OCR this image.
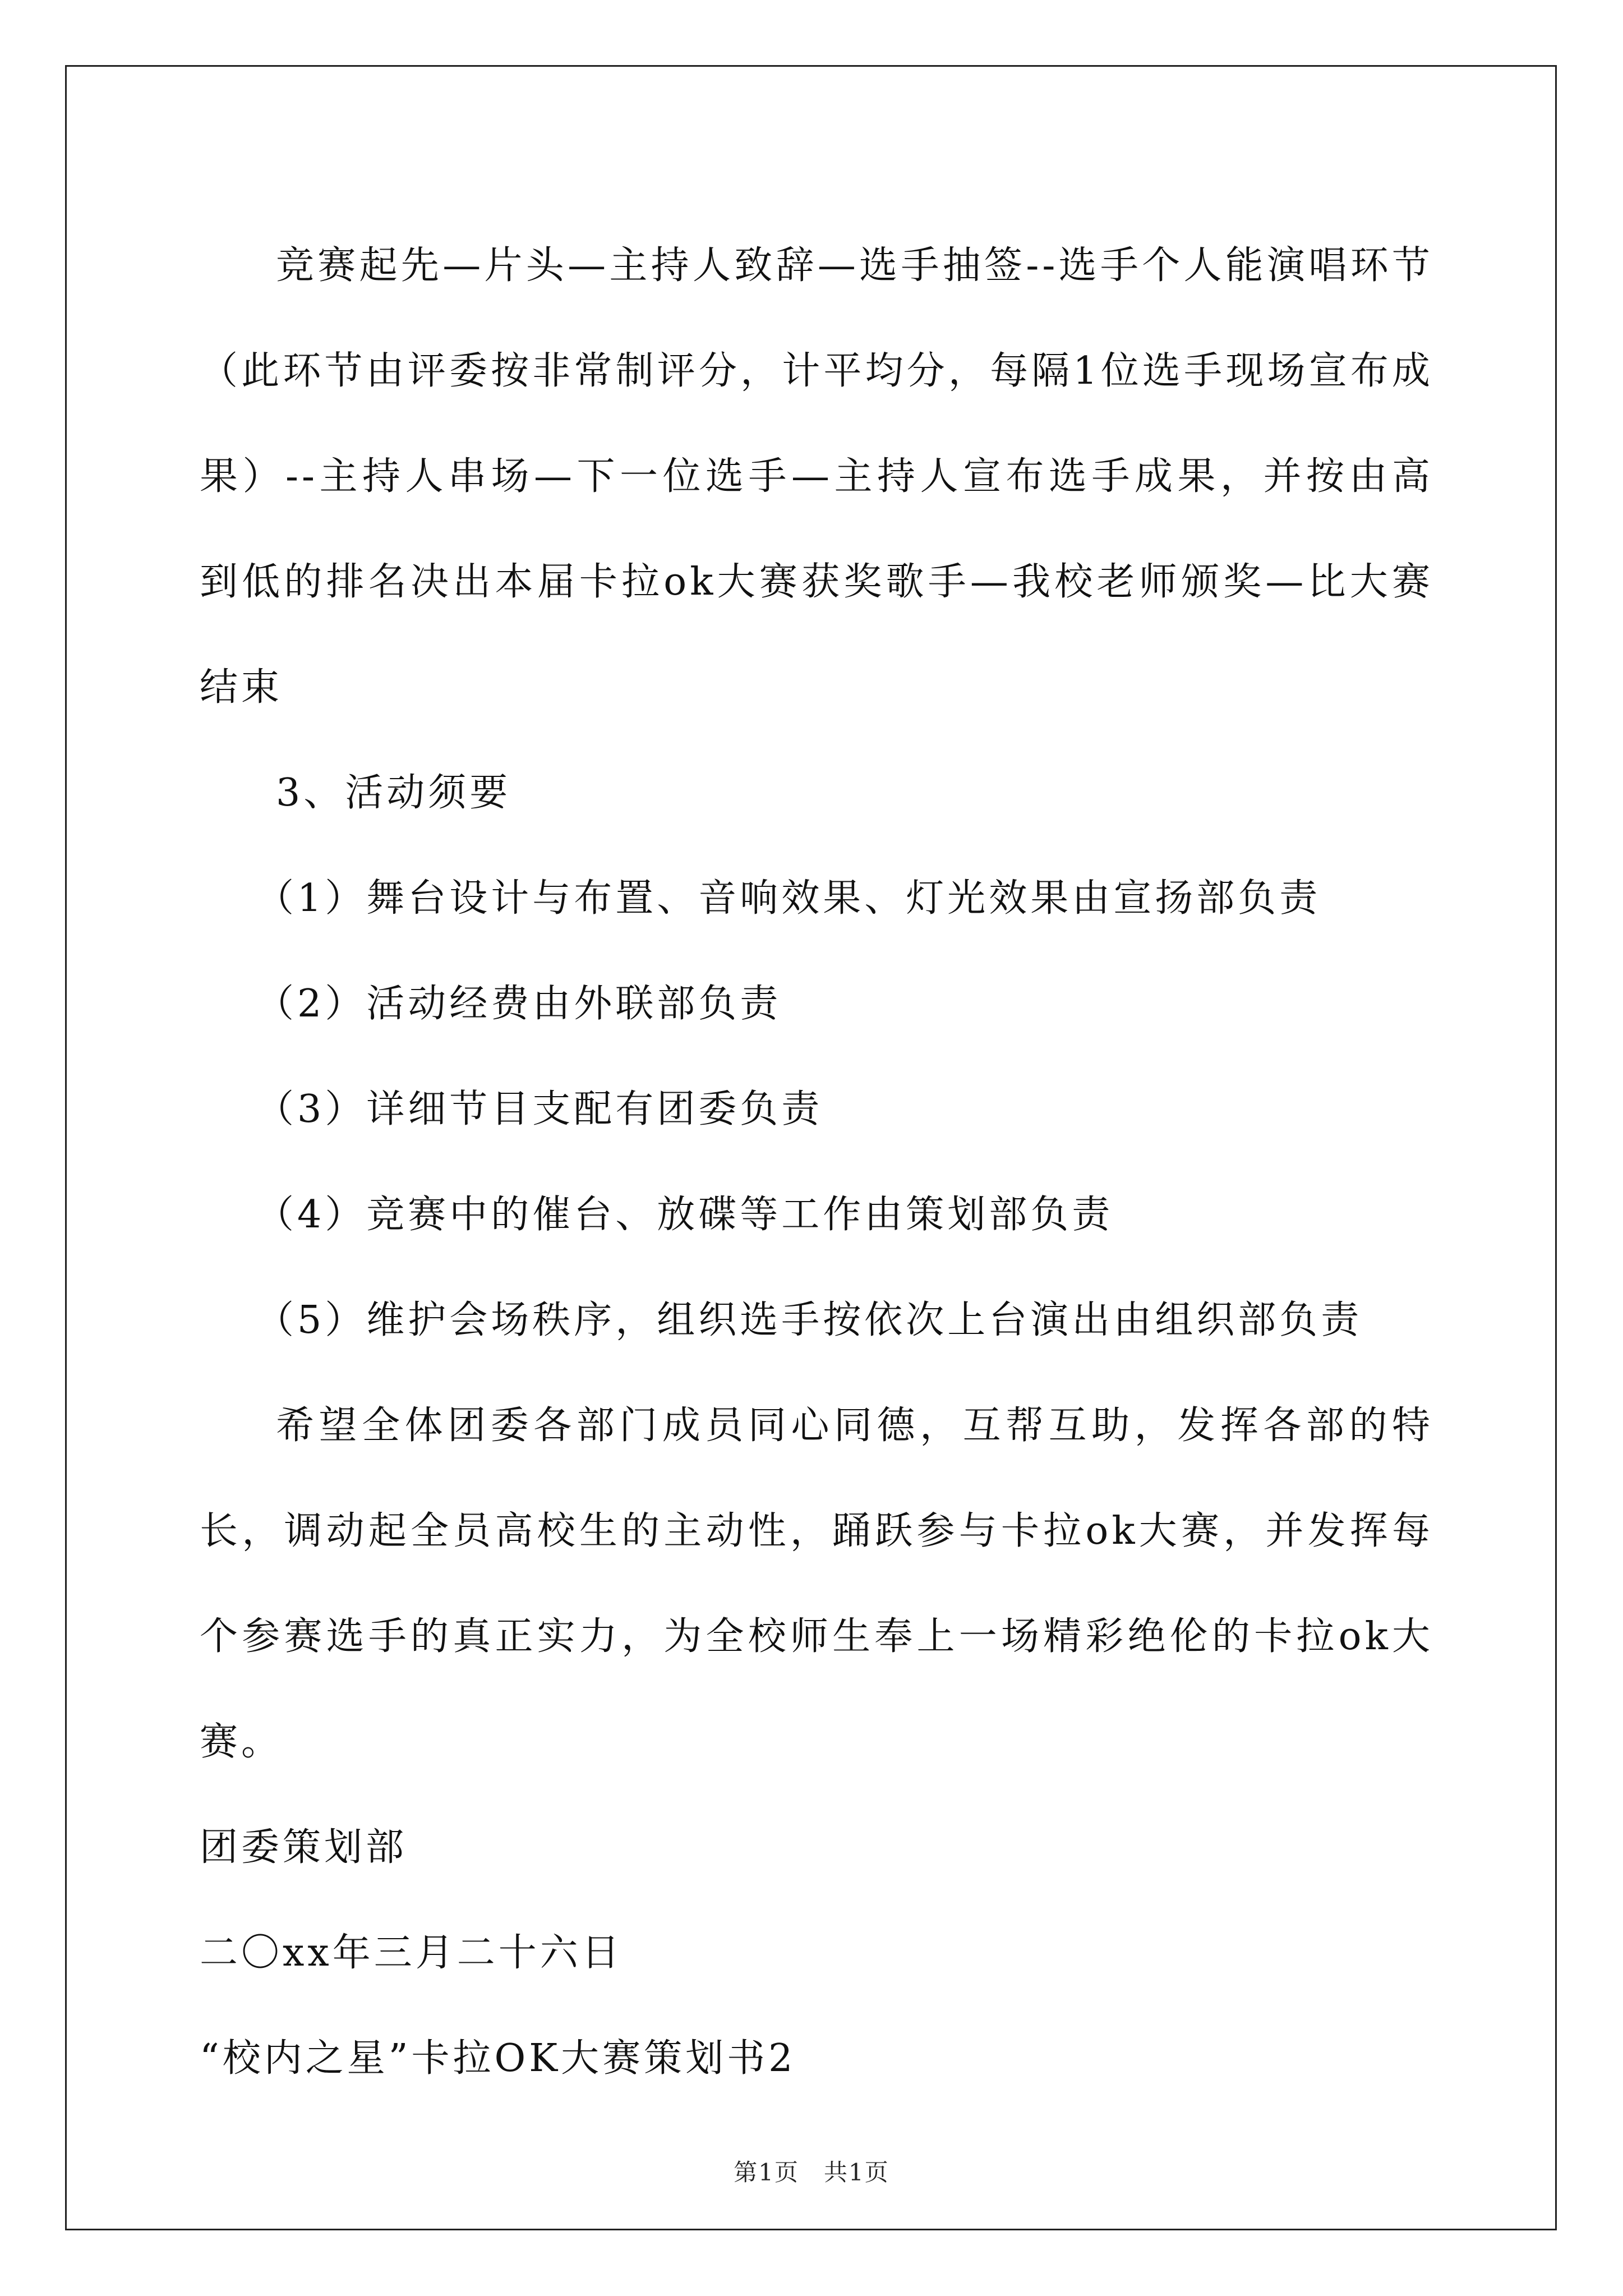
竞赛起先—片头—主持人致辞—选手抽签--选手个人能演唱环节（此环节由评委按非常制评分，计平均分，每隔1位选手现场宣布成果）--主持人串场—下一位选手—主持人宣布选手成果，并按由高到低的排名决出本届卡拉ok大赛获奖歌手—我校老师颁奖—比大赛结束

3、活动须要

（1）舞台设计与布置、音响效果、灯光效果由宣扬部负责

（2）活动经费由外联部负责

（3）详细节目支配有团委负责

（4）竞赛中的催台、放碟等工作由策划部负责

（5）维护会场秩序，组织选手按依次上台演出由组织部负责

希望全体团委各部门成员同心同德，互帮互助，发挥各部的特长，调动起全员高校生的主动性，踊跃参与卡拉ok大赛，并发挥每个参赛选手的真正实力，为全校师生奉上一场精彩绝伦的卡拉ok大赛。

团委策划部

二〇xx年三月二十六日

“校内之星”卡拉OK大赛策划书2

第1页　共1页
